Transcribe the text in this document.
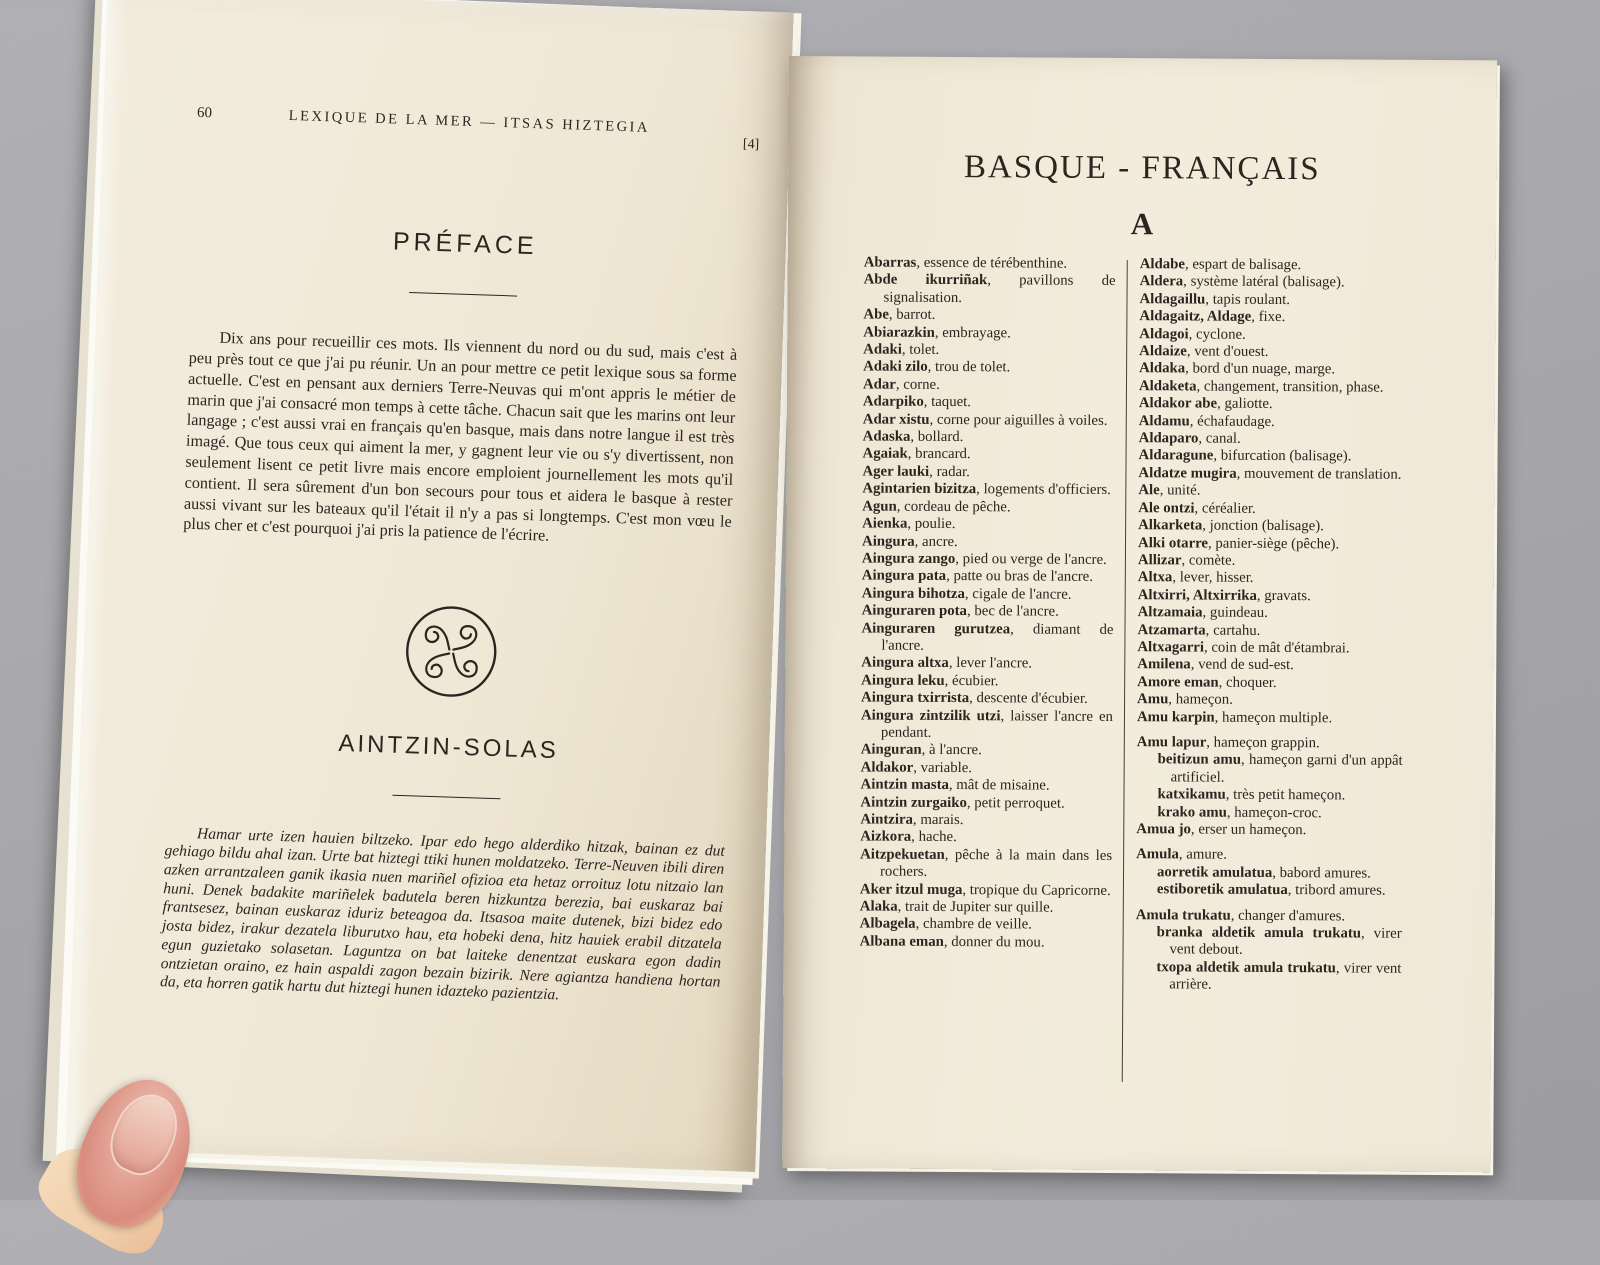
60	LEXIQUE DE LA MER — ITSAS HIZTEGIA
[4]
PRÉFACE

Dix ans pour recueillir ces mots. Ils viennent du nord ou du sud, mais c'est à peu près tout ce que j'ai pu réunir. Un an pour mettre ce petit lexique sous sa forme actuelle. C'est en pensant aux derniers Terre-Neuvas qui m'ont appris le métier de marin que j'ai consacré mon temps à cette tâche. Chacun sait que les marins ont leur langage ; c'est aussi vrai en français qu'en basque, mais dans notre langue il est très imagé. Que tous ceux qui aiment la mer, y gagnent leur vie ou s'y divertissent, non seulement lisent ce petit livre mais encore emploient journellement les mots qu'il contient. Il sera sûrement d'un bon secours pour tous et aidera le basque à rester aussi vivant sur les bateaux qu'il l'était il n'y a pas si longtemps. C'est mon vœu le plus cher et c'est pourquoi j'ai pris la patience de l'écrire.

AINTZIN-SOLAS

Hamar urte izen hauien biltzeko. Ipar edo hego alderdiko hitzak, bainan ez dut gehiago bildu ahal izan. Urte bat hiztegi ttiki hunen moldatzeko. Terre-Neuven ibili diren azken arrantzaleen ganik ikasia nuen mariñel ofizioa eta hetaz orroituz lotu nitzaio lan huni. Denek badakite mariñelek badutela beren hizkuntza berezia, bai euskaraz bai frantsesez, bainan euskaraz iduriz beteagoa da. Itsasoa maite dutenek, bizi bidez edo josta bidez, irakur dezatela liburutxo hau, eta hobeki dena, hitz hauiek erabil ditzatela egun guzietako solasetan. Laguntza on bat laiteke denentzat euskara egon dadin ontzietan oraino, ez hain aspaldi zagon bezain bizirik. Nere agiantza handiena hortan da, eta horren gatik hartu dut hiztegi hunen idazteko pazientzia.

BASQUE - FRANÇAIS
A

Abarras, essence de térébenthine.

Abde ikurriñak, pavillons de signalisation.

Abe, barrot.

Abiarazkin, embrayage.

Adaki, tolet.

Adaki zilo, trou de tolet.

Adar, corne.

Adarpiko, taquet.

Adar xistu, corne pour aiguilles à voiles.

Adaska, bollard.

Agaiak, brancard.

Ager lauki, radar.

Agintarien bizitza, logements d'officiers.

Agun, cordeau de pêche.

Aienka, poulie.

Aingura, ancre.

Aingura zango, pied ou verge de l'ancre.

Aingura pata, patte ou bras de l'ancre.

Aingura bihotza, cigale de l'ancre.

Ainguraren pota, bec de l'ancre.

Ainguraren gurutzea, diamant de l'ancre.

Aingura altxa, lever l'ancre.

Aingura leku, écubier.

Aingura txirrista, descente d'écubier.

Aingura zintzilik utzi, laisser l'ancre en pendant.

Ainguran, à l'ancre.

Aldakor, variable.

Aintzin masta, mât de misaine.

Aintzin zurgaiko, petit perroquet.

Aintzira, marais.

Aizkora, hache.

Aitzpekuetan, pêche à la main dans les rochers.

Aker itzul muga, tropique du Capricorne.

Alaka, trait de Jupiter sur quille.

Albagela, chambre de veille.

Albana eman, donner du mou.

Aldabe, espart de balisage.

Aldera, système latéral (balisage).

Aldagaillu, tapis roulant.

Aldagaitz, Aldage, fixe.

Aldagoi, cyclone.

Aldaize, vent d'ouest.

Aldaka, bord d'un nuage, marge.

Aldaketa, changement, transition, phase.

Aldakor abe, galiotte.

Aldamu, échafaudage.

Aldaparo, canal.

Aldaragune, bifurcation (balisage).

Aldatze mugira, mouvement de translation.

Ale, unité.

Ale ontzi, céréalier.

Alkarketa, jonction (balisage).

Alki otarre, panier-siège (pêche).

Allizar, comète.

Altxa, lever, hisser.

Altxirri, Altxirrika, gravats.

Altzamaia, guindeau.

Atzamarta, cartahu.

Altxagarri, coin de mât d'étambrai.

Amilena, vend de sud-est.

Amore eman, choquer.

Amu, hameçon.

Amu karpin, hameçon multiple.

Amu lapur, hameçon grappin.

beitizun amu, hameçon garni d'un appât artificiel.

katxikamu, très petit hameçon.

krako amu, hameçon-croc.

Amua jo, erser un hameçon.

Amula, amure.

aorretik amulatua, babord amures.

estiboretik amulatua, tribord amures.

Amula trukatu, changer d'amures.

branka aldetik amula trukatu, virer vent debout.

txopa aldetik amula trukatu, virer vent arrière.
